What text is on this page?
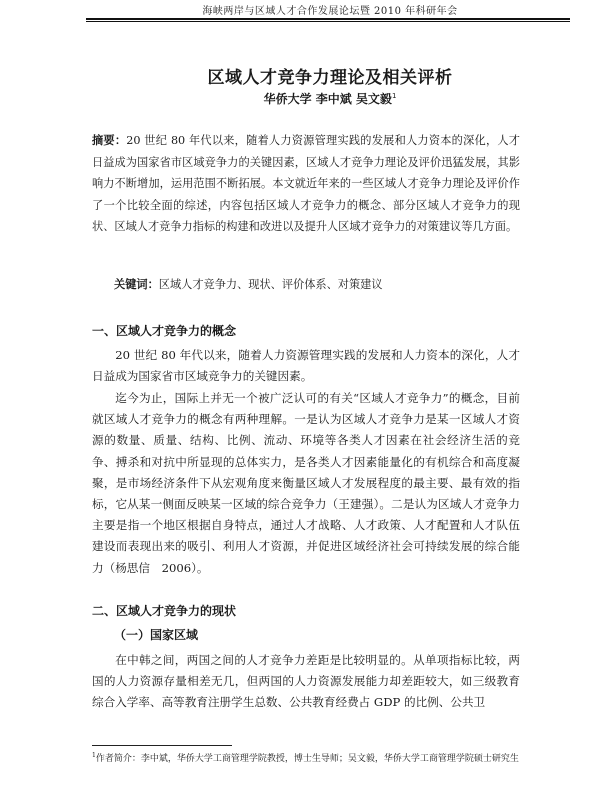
海峡两岸与区域人才合作发展论坛暨 2010 年科研年会
区域人才竞争力理论及相关评析
华侨大学 李中斌 吴文毅$^1$

摘要：20 世纪 80 年代以来，随着人力资源管理实践的发展和人力资本的深化，人才日益成为国家省市区域竞争力的关键因素，区域人才竞争力理论及评价迅猛发展，其影响力不断增加，运用范围不断拓展。本文就近年来的一些区域人才竞争力理论及评价作了一个比较全面的综述，内容包括区域人才竞争力的概念、部分区域人才竞争力的现状、区域人才竞争力指标的构建和改进以及提升人区域才竞争力的对策建议等几方面。

关键词：区域人才竞争力、现状、评价体系、对策建议

一、区域人才竞争力的概念

20 世纪 80 年代以来，随着人力资源管理实践的发展和人力资本的深化，人才日益成为国家省市区域竞争力的关键因素。

迄今为止，国际上并无一个被广泛认可的有关“区域人才竞争力”的概念，目前就区域人才竞争力的概念有两种理解。一是认为区域人才竞争力是某一区域人才资源的数量、质量、结构、比例、流动、环境等各类人才因素在社会经济生活的竞争、搏杀和对抗中所显现的总体实力，是各类人才因素能量化的有机综合和高度凝聚，是市场经济条件下从宏观角度来衡量区域人才发展程度的最主要、最有效的指标，它从某一侧面反映某一区域的综合竞争力（王建强）。二是认为区域人才竞争力主要是指一个地区根据自身特点，通过人才战略、人才政策、人才配置和人才队伍建设而表现出来的吸引、利用人才资源，并促进区域经济社会可持续发展的综合能力（杨思信　2006）。

二、区域人才竞争力的现状

（一）国家区域

在中韩之间，两国之间的人才竞争力差距是比较明显的。从单项指标比较，两国的人力资源存量相差无几，但两国的人力资源发展能力却差距较大，如三级教育综合入学率、高等教育注册学生总数、公共教育经费占 GDP 的比例、公共卫

$^1$作者简介：李中斌，华侨大学工商管理学院教授，博士生导师；吴文毅，华侨大学工商管理学院硕士研究生
